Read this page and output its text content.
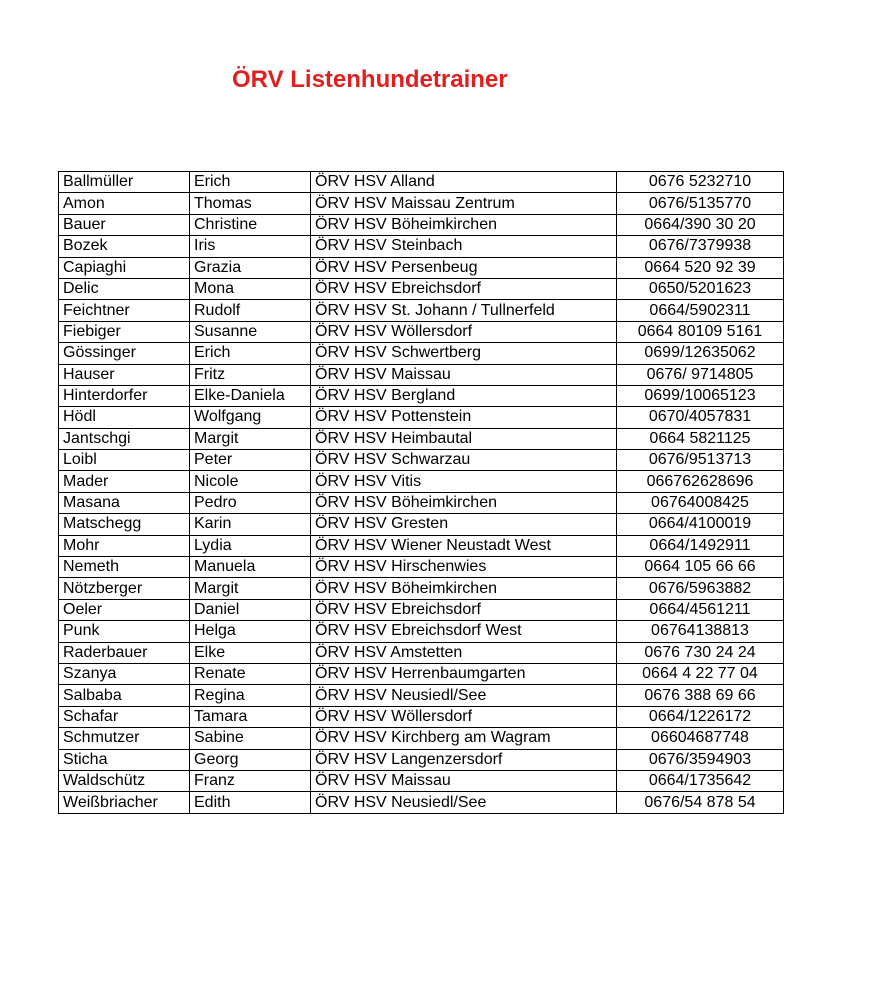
ÖRV Listenhundetrainer
Ballmüller	Erich	ÖRV HSV Alland	0676 5232710
Amon	Thomas	ÖRV HSV Maissau Zentrum	0676/5135770
Bauer	Christine	ÖRV HSV Böheimkirchen	0664/390 30 20
Bozek	Iris	ÖRV HSV Steinbach	0676/7379938
Capiaghi	Grazia	ÖRV HSV Persenbeug	0664 520 92 39
Delic	Mona	ÖRV HSV Ebreichsdorf	0650/5201623
Feichtner	Rudolf	ÖRV HSV St. Johann / Tullnerfeld	0664/5902311
Fiebiger	Susanne	ÖRV HSV Wöllersdorf	0664 80109 5161
Gössinger	Erich	ÖRV HSV Schwertberg	0699/12635062
Hauser	Fritz	ÖRV HSV Maissau	0676/ 9714805
Hinterdorfer	Elke-Daniela	ÖRV HSV Bergland	0699/10065123
Hödl	Wolfgang	ÖRV HSV Pottenstein	0670/4057831
Jantschgi	Margit	ÖRV HSV Heimbautal	0664 5821125
Loibl	Peter	ÖRV HSV Schwarzau	0676/9513713
Mader	Nicole	ÖRV HSV Vitis	066762628696
Masana	Pedro	ÖRV HSV Böheimkirchen	06764008425
Matschegg	Karin	ÖRV HSV Gresten	0664/4100019
Mohr	Lydia	ÖRV HSV Wiener Neustadt West	0664/1492911
Nemeth	Manuela	ÖRV HSV Hirschenwies	0664 105 66 66
Nötzberger	Margit	ÖRV HSV Böheimkirchen	0676/5963882
Oeler	Daniel	ÖRV HSV Ebreichsdorf	0664/4561211
Punk	Helga	ÖRV HSV Ebreichsdorf West	06764138813
Raderbauer	Elke	ÖRV HSV Amstetten	0676 730 24 24
Szanya	Renate	ÖRV HSV Herrenbaumgarten	0664 4 22 77 04
Salbaba	Regina	ÖRV HSV Neusiedl/See	0676 388 69 66
Schafar	Tamara	ÖRV HSV Wöllersdorf	0664/1226172
Schmutzer	Sabine	ÖRV HSV Kirchberg am Wagram	06604687748
Sticha	Georg	ÖRV HSV Langenzersdorf	0676/3594903
Waldschütz	Franz	ÖRV HSV Maissau	0664/1735642
Weißbriacher	Edith	ÖRV HSV Neusiedl/See	0676/54 878 54
